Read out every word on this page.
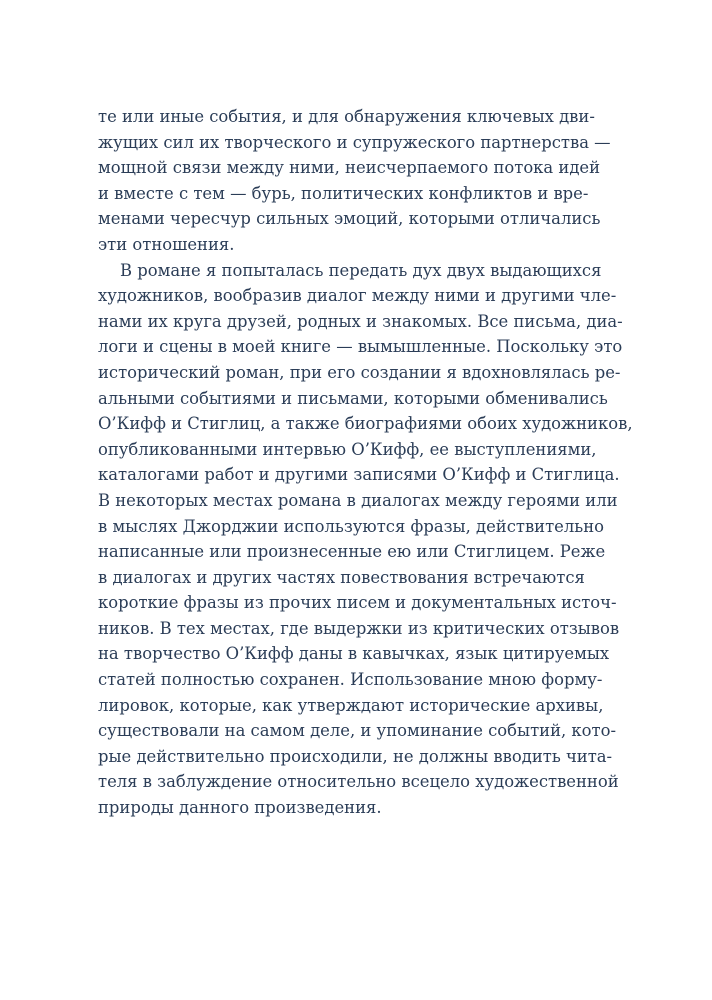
те или иные события, и для обнаружения ключевых дви-
жущих сил их творческого и супружеского партнерства —
мощной связи между ними, неисчерпаемого потока идей
и вместе с тем — бурь, политических конфликтов и вре-
менами чересчур сильных эмоций, которыми отличались
эти отношения.
В романе я попыталась передать дух двух выдающихся
художников, вообразив диалог между ними и другими чле-
нами их круга друзей, родных и знакомых. Все письма, диа-
логи и сцены в моей книге — вымышленные. Поскольку это
исторический роман, при его создании я вдохновлялась ре-
альными событиями и письмами, которыми обменивались
О’Кифф и Стиглиц, а также биографиями обоих художников,
опубликованными интервью О’Кифф, ее выступлениями,
каталогами работ и другими записями О’Кифф и Стиглица.
В некоторых местах романа в диалогах между героями или
в мыслях Джорджии используются фразы, действительно
написанные или произнесенные ею или Стиглицем. Реже
в диалогах и других частях повествования встречаются
короткие фразы из прочих писем и документальных источ-
ников. В тех местах, где выдержки из критических отзывов
на творчество О’Кифф даны в кавычках, язык цитируемых
статей полностью сохранен. Использование мною форму-
лировок, которые, как утверждают исторические архивы,
существовали на самом деле, и упоминание событий, кото-
рые действительно происходили, не должны вводить чита-
теля в заблуждение относительно всецело художественной
природы данного произведения.
